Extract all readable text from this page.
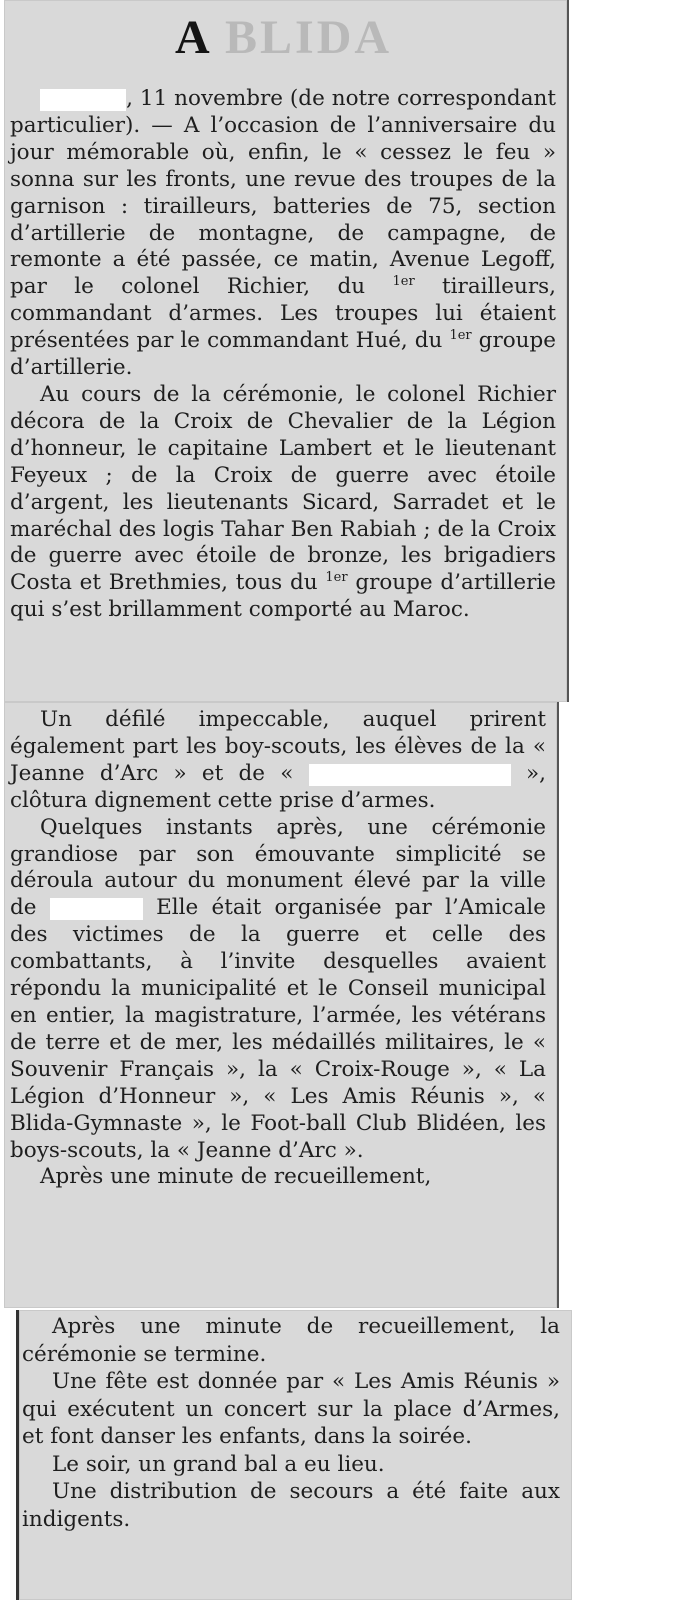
A BLIDA

, 11 novembre (de notre correspondant particulier). — A l’occasion de l’anniversaire du jour mémorable où, enfin, le « cessez le feu » sonna sur les fronts, une revue des troupes de la garnison : tirailleurs, batteries de 75, section d’artillerie de montagne, de campagne, de remonte a été passée, ce matin, Avenue Legoff, par le colonel Richier, du $^{1er}$ tirailleurs, commandant d’armes. Les troupes lui étaient présentées par le commandant Hué, du $^{1er}$ groupe d’artillerie.

Au cours de la cérémonie, le colonel Richier décora de la Croix de Chevalier de la Légion d’honneur, le capitaine Lambert et le lieutenant Feyeux ; de la Croix de guerre avec étoile d’argent, les lieutenants Sicard, Sarradet et le maréchal des logis Tahar Ben Rabiah ; de la Croix de guerre avec étoile de bronze, les brigadiers Costa et Brethmies, tous du $^{1er}$ groupe d’artillerie qui s’est brillamment comporté au Maroc.

Un défilé impeccable, auquel prirent également part les boy-scouts, les élèves de la « Jeanne d’Arc » et de «	», clôtura dignement cette prise d’armes.

Quelques instants après, une cérémonie grandiose par son émouvante simplicité se déroula autour du monument élevé par la ville de	Elle était organisée par l’Amicale des victimes de la guerre et celle des combattants, à l’invite desquelles avaient répondu la municipalité et le Conseil municipal en entier, la magistrature, l’armée, les vétérans de terre et de mer, les médaillés militaires, le « Souvenir Français », la « Croix-Rouge », « La Légion d’Honneur », « Les Amis Réunis », « Blida-Gymnaste », le Foot-ball Club Blidéen, les boys-scouts, la « Jeanne d’Arc ».

Après une minute de recueillement,

Après une minute de recueillement, la cérémonie se termine.

Une fête est donnée par « Les Amis Réunis » qui exécutent un concert sur la place d’Armes, et font danser les enfants, dans la soirée.

Le soir, un grand bal a eu lieu.

Une distribution de secours a été faite aux indigents.
